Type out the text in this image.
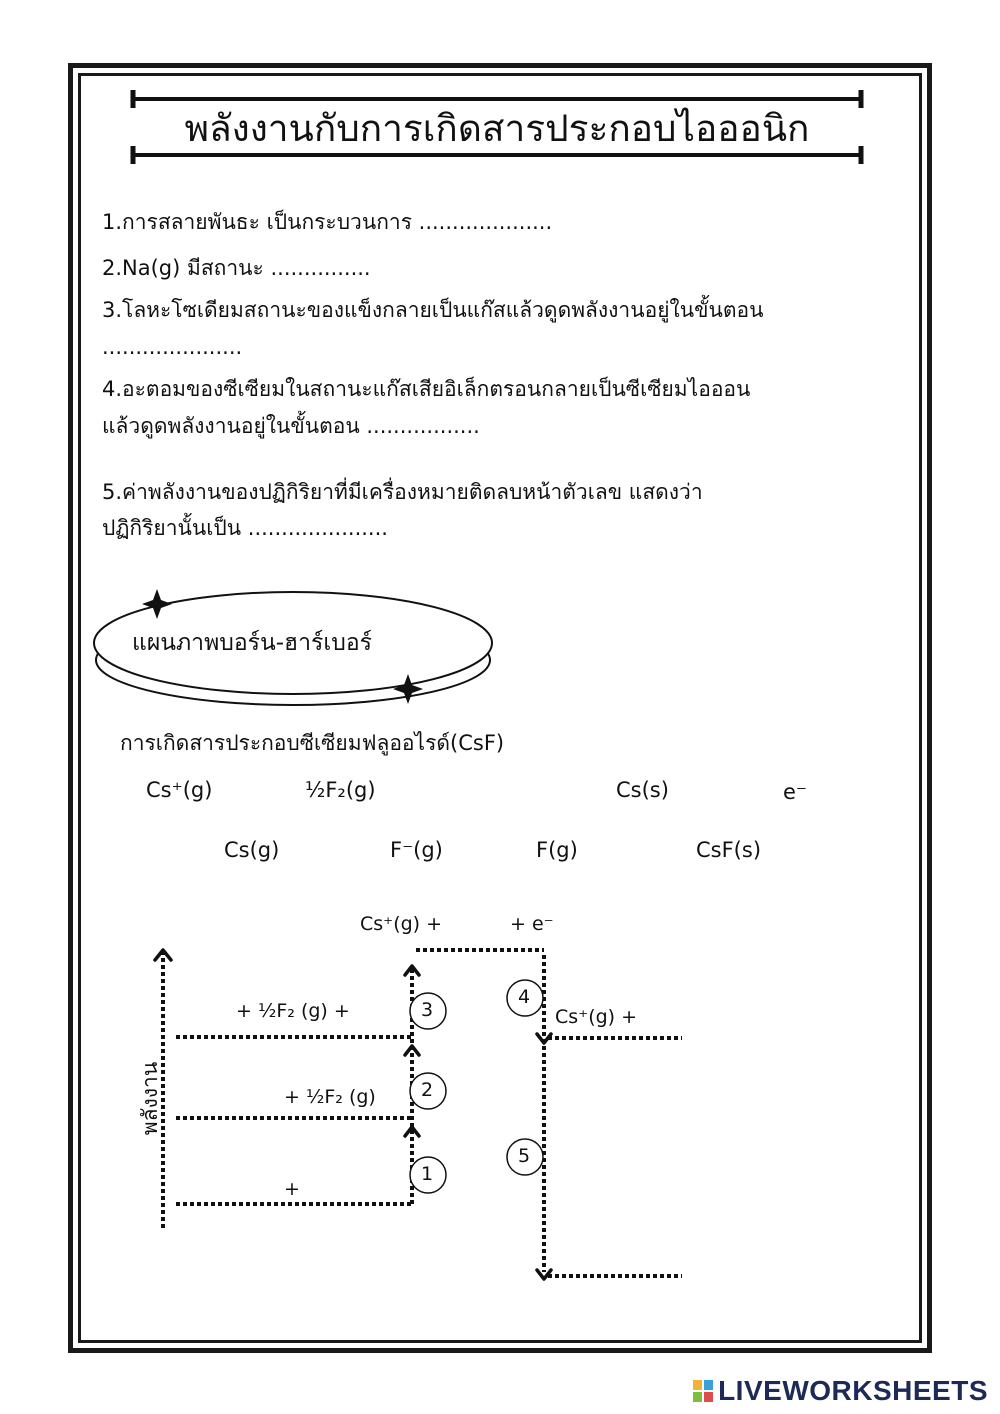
พลังงานกับการเกิดสารประกอบไอออนิก
1.การสลายพันธะ เป็นกระบวนการ ....................
2.Na(g) มีสถานะ ...............
3.โลหะโซเดียมสถานะของแข็งกลายเป็นแก๊สแล้วดูดพลังงานอยู่ในขั้นตอน
.....................
4.อะตอมของซีเซียมในสถานะแก๊สเสียอิเล็กตรอนกลายเป็นซีเซียมไอออน
แล้วดูดพลังงานอยู่ในขั้นตอน .................
5.ค่าพลังงานของปฏิกิริยาที่มีเครื่องหมายติดลบหน้าตัวเลข แสดงว่า
ปฏิกิริยานั้นเป็น .....................
แผนภาพบอร์น-ฮาร์เบอร์
การเกิดสารประกอบซีเซียมฟลูออไรด์(CsF)
Cs⁺(g)	½F₂(g)	Cs(s)	e⁻
Cs(g)	F⁻(g)	F(g)	CsF(s)
Cs⁺(g) +	+ e⁻
+ ½F₂ (g) +
+ ½F₂ (g)
+
Cs⁺(g) +
1
2
3
4
5
พลังงาน
LIVEWORKSHEETS
